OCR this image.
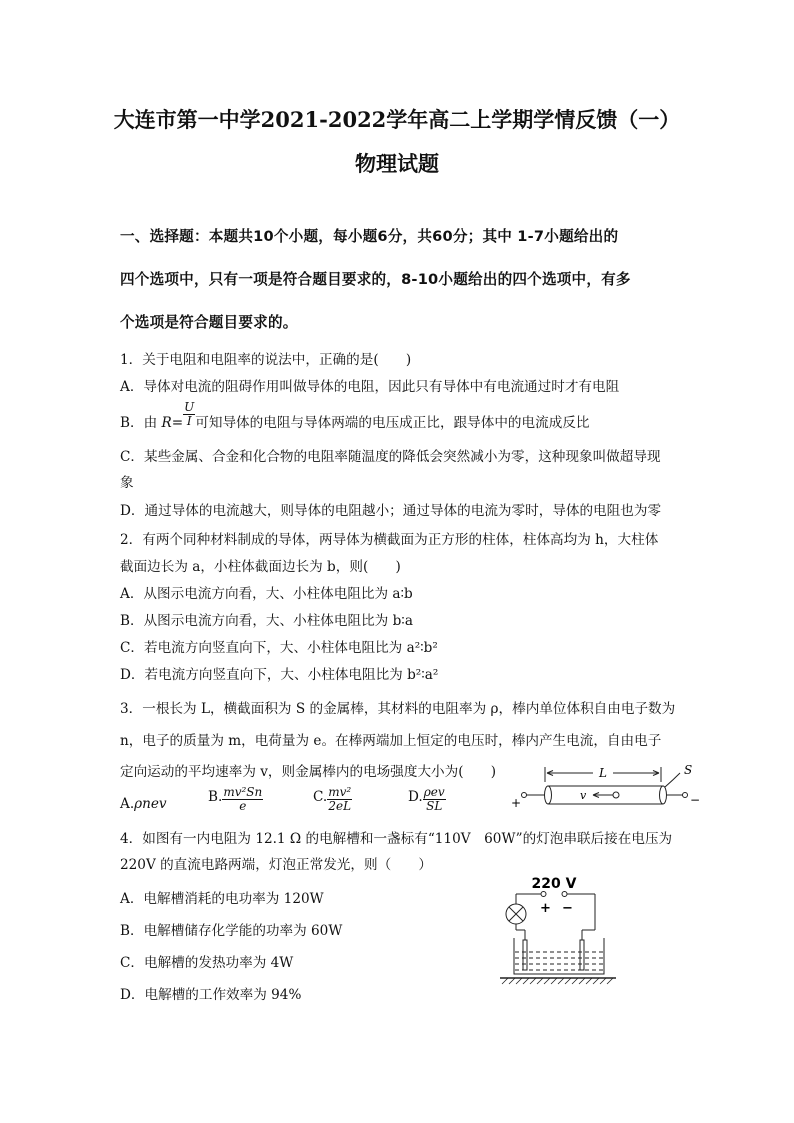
大连市第一中学2021-2022学年高二上学期学情反馈（一）
物理试题
一、选择题：本题共10个小题，每小题6分，共60分；其中 1-7小题给出的
四个选项中，只有一项是符合题目要求的，8-10小题给出的四个选项中，有多
个选项是符合题目要求的。
1．关于电阻和电阻率的说法中，正确的是(　　)
A．导体对电流的阻碍作用叫做导体的电阻，因此只有导体中有电流通过时才有电阻
B．由 $R= \frac{U}{I}$ 可知导体的电阻与导体两端的电压成正比，跟导体中的电流成反比
C．某些金属、合金和化合物的电阻率随温度的降低会突然减小为零，这种现象叫做超导现
象
D．通过导体的电流越大，则导体的电阻越小；通过导体的电流为零时，导体的电阻也为零
2．有两个同种材料制成的导体，两导体为横截面为正方形的柱体，柱体高均为 h，大柱体
截面边长为 a，小柱体截面边长为 b，则(　　)
A．从图示电流方向看，大、小柱体电阻比为 a∶b
B．从图示电流方向看，大、小柱体电阻比为 b∶a
C．若电流方向竖直向下，大、小柱体电阻比为 a²∶b²
D．若电流方向竖直向下，大、小柱体电阻比为 b²∶a²
3．一根长为 L，横截面积为 S 的金属棒，其材料的电阻率为 ρ，棒内单位体积自由电子数为
n，电子的质量为 m，电荷量为 e。在棒两端加上恒定的电压时，棒内产生电流，自由电子
定向运动的平均速率为 v，则金属棒内的电场强度大小为(　　)
A.ρnev	B. $\frac{\text{mv²Sn}}{e}$	C. $\frac{\text{mv²}}{2eL}$	D. $\frac{\text{ρev}}{SL}$
L	S
v
+	−
4．如图有一内电阻为 12.1 Ω 的电解槽和一盏标有“110V　60W”的灯泡串联后接在电压为
220V 的直流电路两端，灯泡正常发光，则（　　）
A．电解槽消耗的电功率为 120W
B．电解槽储存化学能的功率为 60W
C．电解槽的发热功率为 4W
D．电解槽的工作效率为 94%
220 V
+ −
